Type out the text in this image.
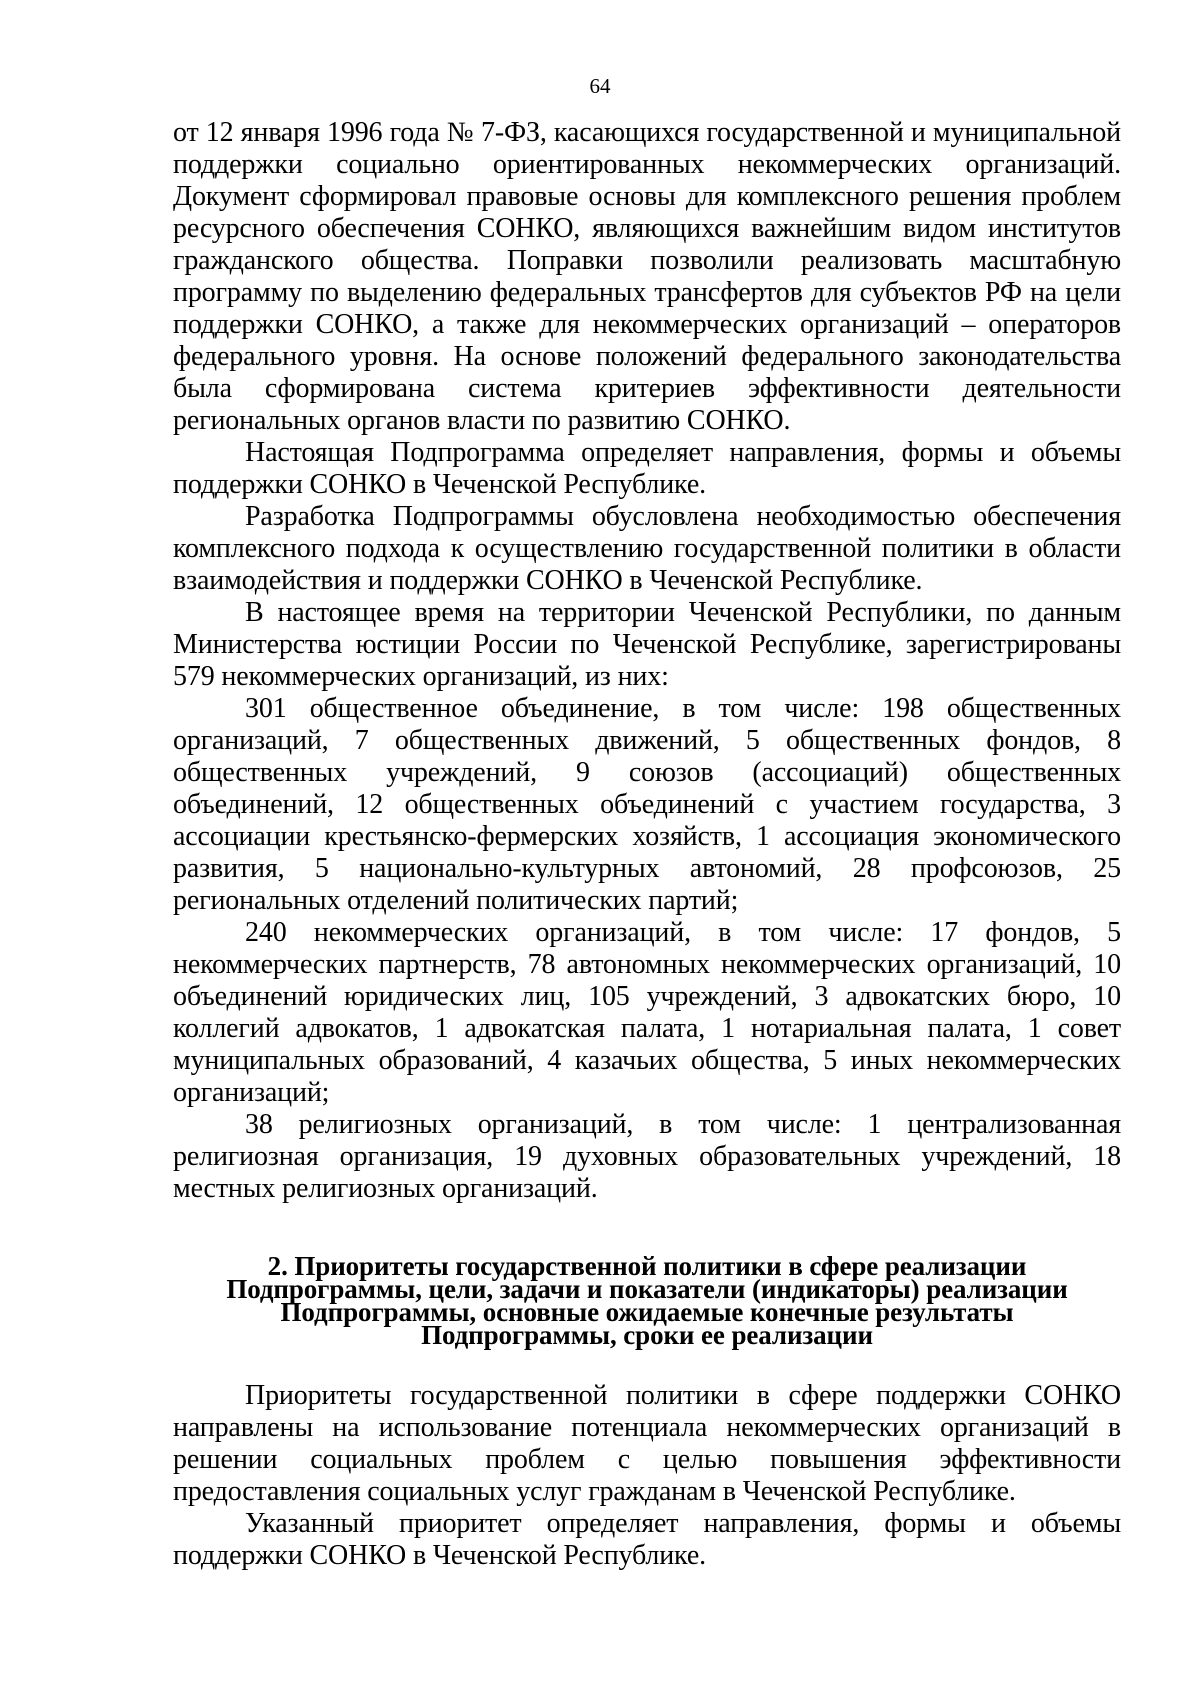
64

от 12 января 1996 года № 7-ФЗ, касающихся государственной и муниципальной поддержки социально ориентированных некоммерческих организаций. Документ сформировал правовые основы для комплексного решения проблем ресурсного обеспечения СОНКО, являющихся важнейшим видом институтов гражданского общества. Поправки позволили реализовать масштабную программу по выделению федеральных трансфертов для субъектов РФ на цели поддержки СОНКО, а также для некоммерческих организаций – операторов федерального уровня. На основе положений федерального законодательства была сформирована система критериев эффективности деятельности региональных органов власти по развитию СОНКО.

Настоящая Подпрограмма определяет направления, формы и объемы поддержки СОНКО в Чеченской Республике.

Разработка Подпрограммы обусловлена необходимостью обеспечения комплексного подхода к осуществлению государственной политики в области взаимодействия и поддержки СОНКО в Чеченской Республике.

В настоящее время на территории Чеченской Республики, по данным Министерства юстиции России по Чеченской Республике, зарегистрированы 579 некоммерческих организаций, из них:

301 общественное объединение, в том числе: 198 общественных организаций, 7 общественных движений, 5 общественных фондов, 8 общественных учреждений, 9 союзов (ассоциаций) общественных объединений, 12 общественных объединений с участием государства, 3 ассоциации крестьянско-фермерских хозяйств, 1 ассоциация экономического развития, 5 национально-культурных автономий, 28 профсоюзов, 25 региональных отделений политических партий;

240 некоммерческих организаций, в том числе: 17 фондов, 5 некоммерческих партнерств, 78 автономных некоммерческих организаций, 10 объединений юридических лиц, 105 учреждений, 3 адвокатских бюро, 10 коллегий адвокатов, 1 адвокатская палата, 1 нотариальная палата, 1 совет муниципальных образований, 4 казачьих общества, 5 иных некоммерческих организаций;

38 религиозных организаций, в том числе: 1 централизованная религиозная организация, 19 духовных образовательных учреждений, 18 местных религиозных организаций.

2. Приоритеты государственной политики в сфере реализации
Подпрограммы, цели, задачи и показатели (индикаторы) реализации
Подпрограммы, основные ожидаемые конечные результаты
Подпрограммы, сроки ее реализации

Приоритеты государственной политики в сфере поддержки СОНКО направлены на использование потенциала некоммерческих организаций в решении социальных проблем с целью повышения эффективности предоставления социальных услуг гражданам в Чеченской Республике.

Указанный приоритет определяет направления, формы и объемы поддержки СОНКО в Чеченской Республике.
